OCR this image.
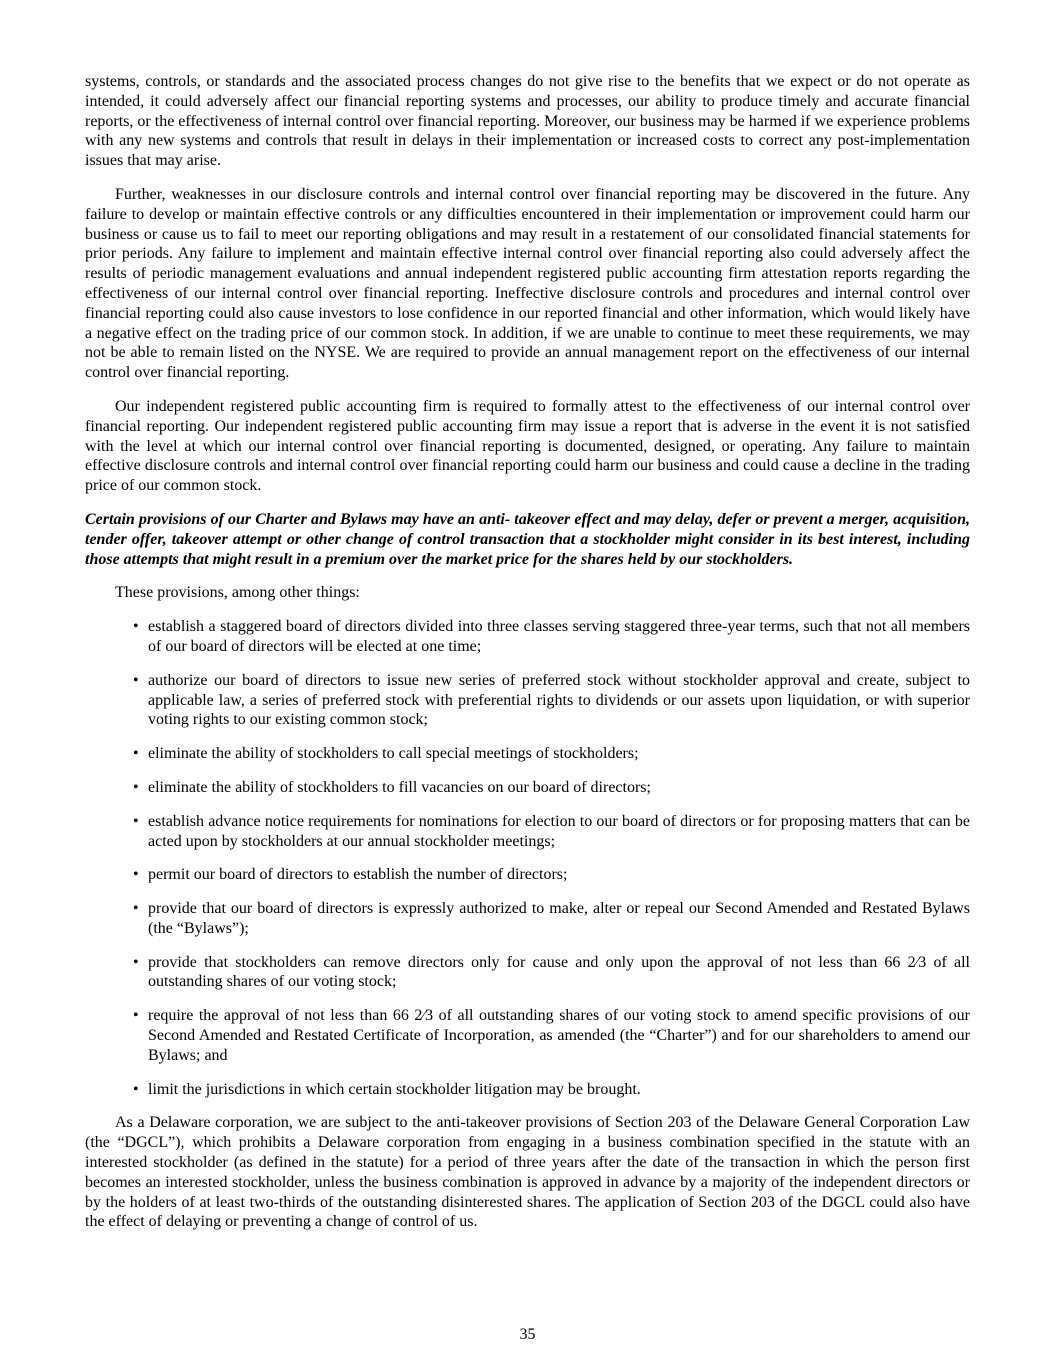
systems, controls, or standards and the associated process changes do not give rise to the benefits that we expect or do not operate as intended, it could adversely affect our financial reporting systems and processes, our ability to produce timely and accurate financial reports, or the effectiveness of internal control over financial reporting. Moreover, our business may be harmed if we experience problems with any new systems and controls that result in delays in their implementation or increased costs to correct any post-implementation issues that may arise.

Further, weaknesses in our disclosure controls and internal control over financial reporting may be discovered in the future. Any failure to develop or maintain effective controls or any difficulties encountered in their implementation or improvement could harm our business or cause us to fail to meet our reporting obligations and may result in a restatement of our consolidated financial statements for prior periods. Any failure to implement and maintain effective internal control over financial reporting also could adversely affect the results of periodic management evaluations and annual independent registered public accounting firm attestation reports regarding the effectiveness of our internal control over financial reporting. Ineffective disclosure controls and procedures and internal control over financial reporting could also cause investors to lose confidence in our reported financial and other information, which would likely have a negative effect on the trading price of our common stock. In addition, if we are unable to continue to meet these requirements, we may not be able to remain listed on the NYSE. We are required to provide an annual management report on the effectiveness of our internal control over financial reporting.

Our independent registered public accounting firm is required to formally attest to the effectiveness of our internal control over financial reporting. Our independent registered public accounting firm may issue a report that is adverse in the event it is not satisfied with the level at which our internal control over financial reporting is documented, designed, or operating. Any failure to maintain effective disclosure controls and internal control over financial reporting could harm our business and could cause a decline in the trading price of our common stock.

Certain provisions of our Charter and Bylaws may have an anti- takeover effect and may delay, defer or prevent a merger, acquisition, tender offer, takeover attempt or other change of control transaction that a stockholder might consider in its best interest, including those attempts that might result in a premium over the market price for the shares held by our stockholders.

These provisions, among other things:

• establish a staggered board of directors divided into three classes serving staggered three-year terms, such that not all members of our board of directors will be elected at one time;
• authorize our board of directors to issue new series of preferred stock without stockholder approval and create, subject to applicable law, a series of preferred stock with preferential rights to dividends or our assets upon liquidation, or with superior voting rights to our existing common stock;
• eliminate the ability of stockholders to call special meetings of stockholders;
• eliminate the ability of stockholders to fill vacancies on our board of directors;
• establish advance notice requirements for nominations for election to our board of directors or for proposing matters that can be acted upon by stockholders at our annual stockholder meetings;
• permit our board of directors to establish the number of directors;
• provide that our board of directors is expressly authorized to make, alter or repeal our Second Amended and Restated Bylaws (the “Bylaws”);
• provide that stockholders can remove directors only for cause and only upon the approval of not less than 66 2⁄3 of all outstanding shares of our voting stock;
• require the approval of not less than 66 2⁄3 of all outstanding shares of our voting stock to amend specific provisions of our Second Amended and Restated Certificate of Incorporation, as amended (the “Charter”) and for our shareholders to amend our Bylaws; and
• limit the jurisdictions in which certain stockholder litigation may be brought.

As a Delaware corporation, we are subject to the anti-takeover provisions of Section 203 of the Delaware General Corporation Law (the “DGCL”), which prohibits a Delaware corporation from engaging in a business combination specified in the statute with an interested stockholder (as defined in the statute) for a period of three years after the date of the transaction in which the person first becomes an interested stockholder, unless the business combination is approved in advance by a majority of the independent directors or by the holders of at least two-thirds of the outstanding disinterested shares. The application of Section 203 of the DGCL could also have the effect of delaying or preventing a change of control of us.

35
